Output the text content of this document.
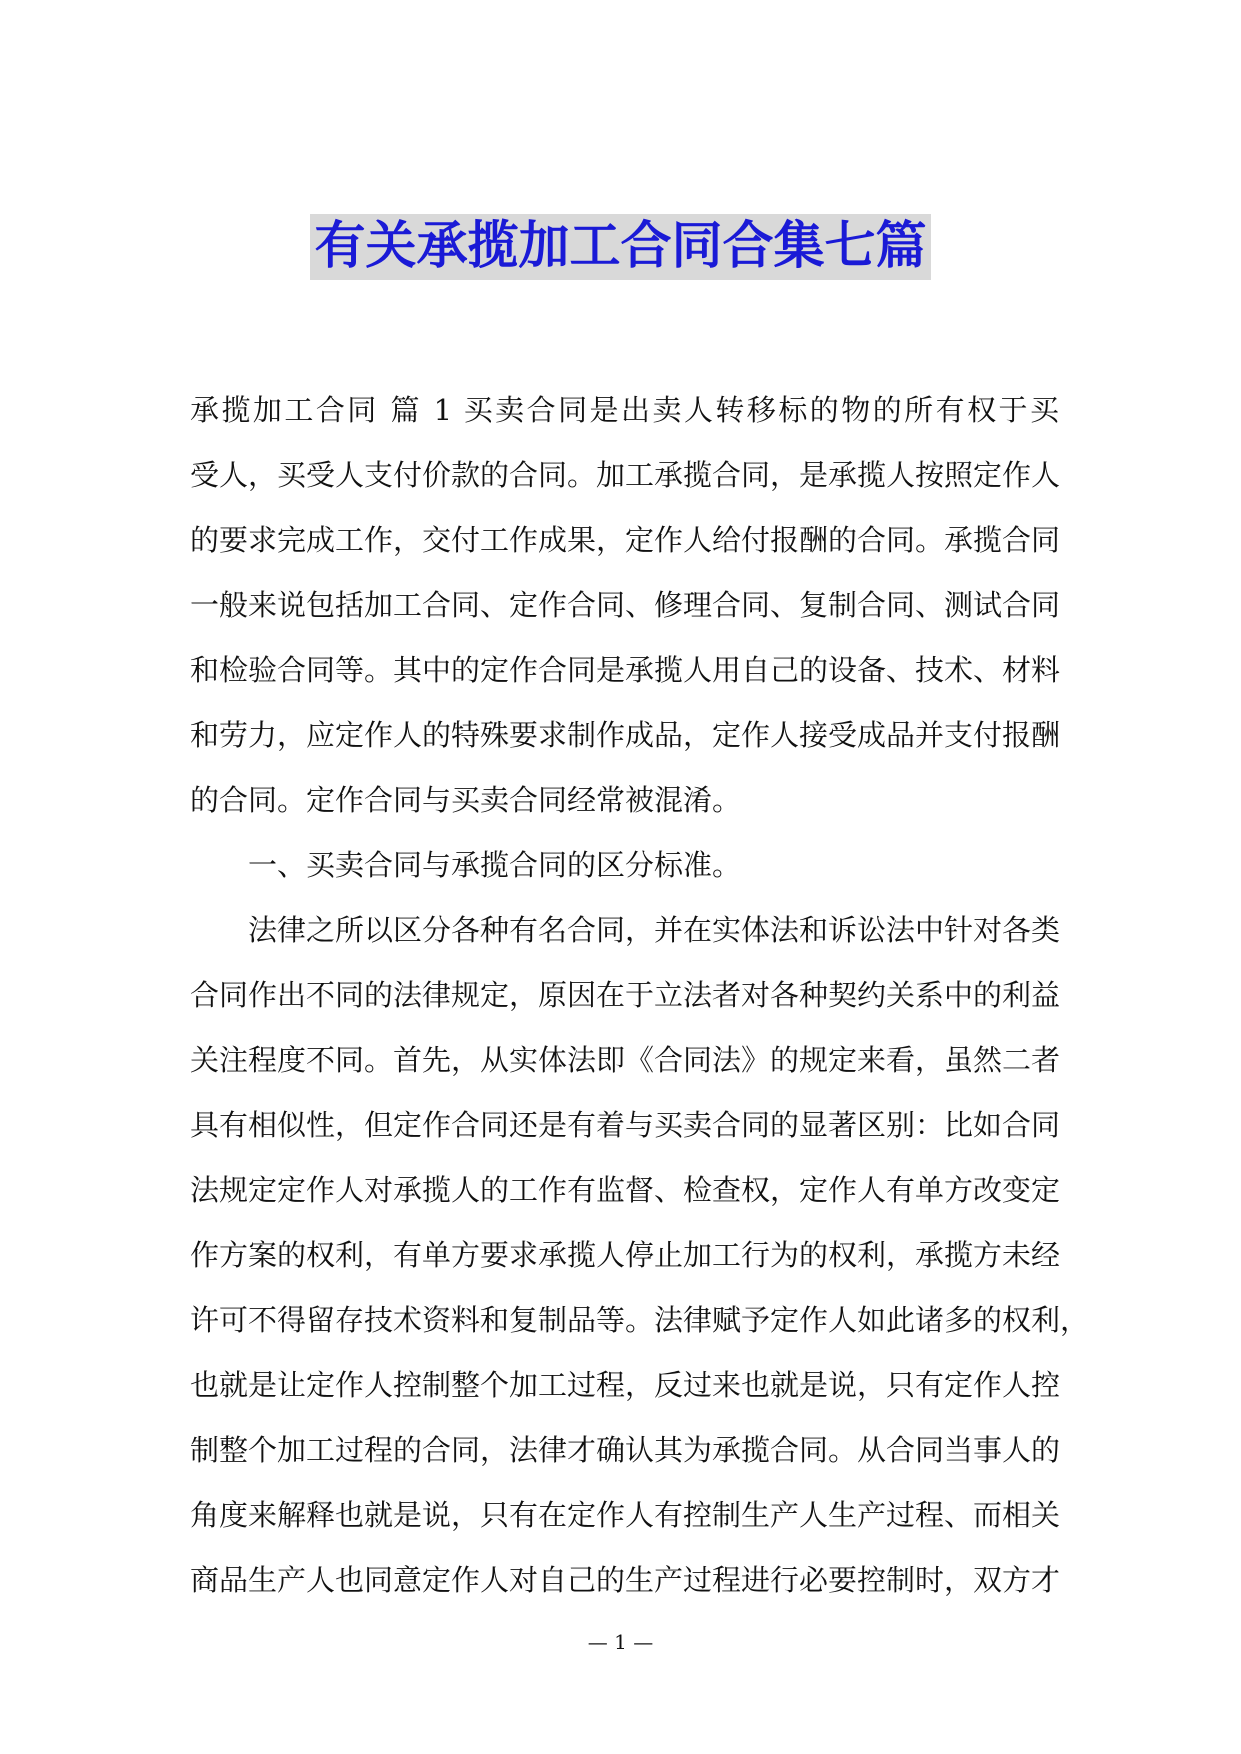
有关承揽加工合同合集七篇
承揽加工合同 篇 1 买卖合同是出卖人转移标的物的所有权于买
受人，买受人支付价款的合同。加工承揽合同，是承揽人按照定作人
的要求完成工作，交付工作成果，定作人给付报酬的合同。承揽合同
一般来说包括加工合同、定作合同、修理合同、复制合同、测试合同
和检验合同等。其中的定作合同是承揽人用自己的设备、技术、材料
和劳力，应定作人的特殊要求制作成品，定作人接受成品并支付报酬
的合同。定作合同与买卖合同经常被混淆。
一、买卖合同与承揽合同的区分标准。
法律之所以区分各种有名合同，并在实体法和诉讼法中针对各类
合同作出不同的法律规定，原因在于立法者对各种契约关系中的利益
关注程度不同。首先，从实体法即《合同法》的规定来看，虽然二者
具有相似性，但定作合同还是有着与买卖合同的显著区别：比如合同
法规定定作人对承揽人的工作有监督、检查权，定作人有单方改变定
作方案的权利，有单方要求承揽人停止加工行为的权利，承揽方未经
许可不得留存技术资料和复制品等。法律赋予定作人如此诸多的权利，
也就是让定作人控制整个加工过程，反过来也就是说，只有定作人控
制整个加工过程的合同，法律才确认其为承揽合同。从合同当事人的
角度来解释也就是说，只有在定作人有控制生产人生产过程、而相关
商品生产人也同意定作人对自己的生产过程进行必要控制时，双方才
— 1 —
